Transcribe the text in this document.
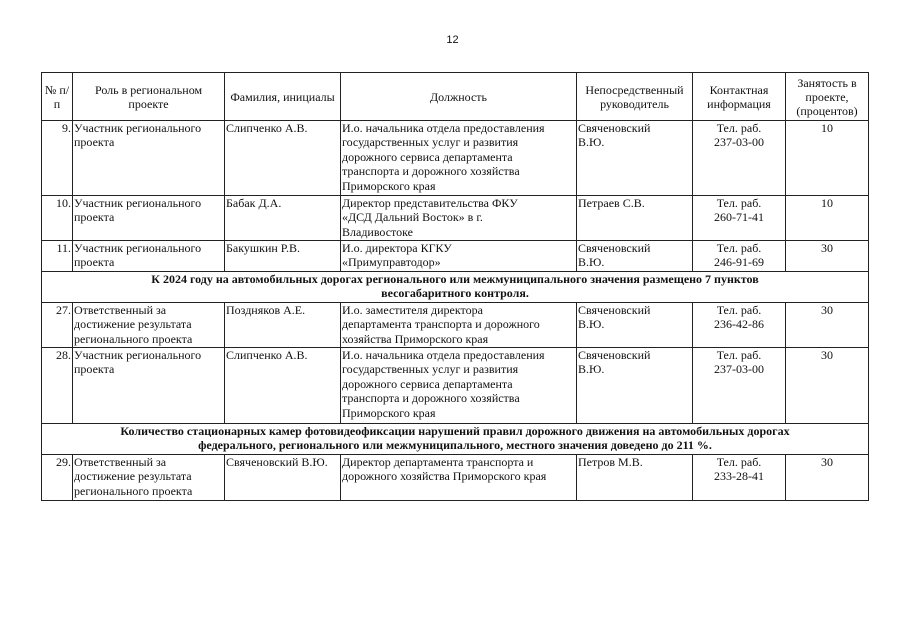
12
№ п/п	Роль в региональном проекте	Фамилия, инициалы	Должность	Непосредственный руководитель	Контактная информация	Занятость в проекте, (процентов)
9.	Участник регионального
проекта	Слипченко А.В.	И.о. начальника отдела предоставления
государственных услуг и развития
дорожного сервиса департамента
транспорта и дорожного хозяйства
Приморского края	Свяченовский
В.Ю.	Тел. раб.
237-03-00	10
10.	Участник регионального
проекта	Бабак Д.А.	Директор представительства ФКУ
«ДСД Дальний Восток» в г.
Владивостоке	Петраев С.В.	Тел. раб.
260-71-41	10
11.	Участник регионального
проекта	Бакушкин Р.В.	И.о. директора КГКУ
«Примуправтодор»	Свяченовский
В.Ю.	Тел. раб.
246-91-69	30
К 2024 году на автомобильных дорогах регионального или межмуниципального значения размещено 7 пунктов
весогабаритного контроля.						
27.	Ответственный за
достижение результата
регионального проекта	Поздняков А.Е.	И.о. заместителя директора
департамента транспорта и дорожного
хозяйства Приморского края	Свяченовский
В.Ю.	Тел. раб.
236-42-86	30
28.	Участник регионального
проекта	Слипченко А.В.	И.о. начальника отдела предоставления
государственных услуг и развития
дорожного сервиса департамента
транспорта и дорожного хозяйства
Приморского края	Свяченовский
В.Ю.	Тел. раб.
237-03-00	30
Количество стационарных камер фотовидеофиксации нарушений правил дорожного движения на автомобильных дорогах
федерального, регионального или межмуниципального, местного значения доведено до 211 %.						
29.	Ответственный за
достижение результата
регионального проекта	Свяченовский В.Ю.	Директор департамента транспорта и
дорожного хозяйства Приморского края	Петров М.В.	Тел. раб.
233-28-41	30
